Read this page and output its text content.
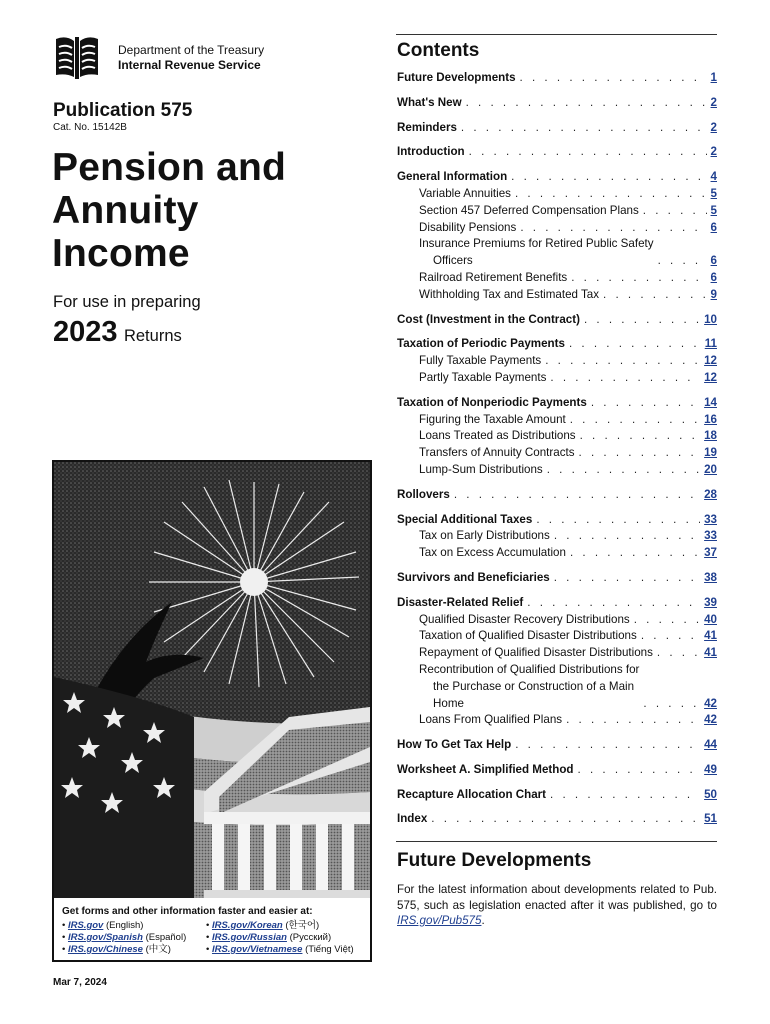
Department of the Treasury
Internal Revenue Service
Publication 575
Cat. No. 15142B
Pension and
Annuity
Income
For use in preparing
2023 Returns
Get forms and other information faster and easier at:
• IRS.gov (English)
• IRS.gov/Spanish (Español)
• IRS.gov/Chinese (中文)
• IRS.gov/Korean (한국어)
• IRS.gov/Russian (Русский)
• IRS.gov/Vietnamese (Tiếng Việt)
Mar 7, 2024
Contents
Future Developments . . .	1
What's New . . .	2
Reminders . . .	2
Introduction . . .	2
General Information . . .	4
Variable Annuities . . .	5
Section 457 Deferred Compensation Plans . . .	5
Disability Pensions . . .	6
Insurance Premiums for Retired Public Safety
Officers . . .	6
Railroad Retirement Benefits . . .	6
Withholding Tax and Estimated Tax . . .	9
Cost (Investment in the Contract) . . .	10
Taxation of Periodic Payments . . .	11
Fully Taxable Payments . . .	12
Partly Taxable Payments . . .	12
Taxation of Nonperiodic Payments . . .	14
Figuring the Taxable Amount . . .	16
Loans Treated as Distributions . . .	18
Transfers of Annuity Contracts . . .	19
Lump-Sum Distributions . . .	20
Rollovers . . .	28
Special Additional Taxes . . .	33
Tax on Early Distributions . . .	33
Tax on Excess Accumulation . . .	37
Survivors and Beneficiaries . . .	38
Disaster-Related Relief . . .	39
Qualified Disaster Recovery Distributions . . .	40
Taxation of Qualified Disaster Distributions . . .	41
Repayment of Qualified Disaster Distributions . . .	41
Recontribution of Qualified Distributions for
the Purchase or Construction of a Main
Home . . .	42
Loans From Qualified Plans . . .	42
How To Get Tax Help . . .	44
Worksheet A. Simplified Method . . .	49
Recapture Allocation Chart . . .	50
Index . . .	51
Future Developments
For the latest information about developments related to Pub. 575, such as legislation enacted after it was published, go to IRS.gov/Pub575.
